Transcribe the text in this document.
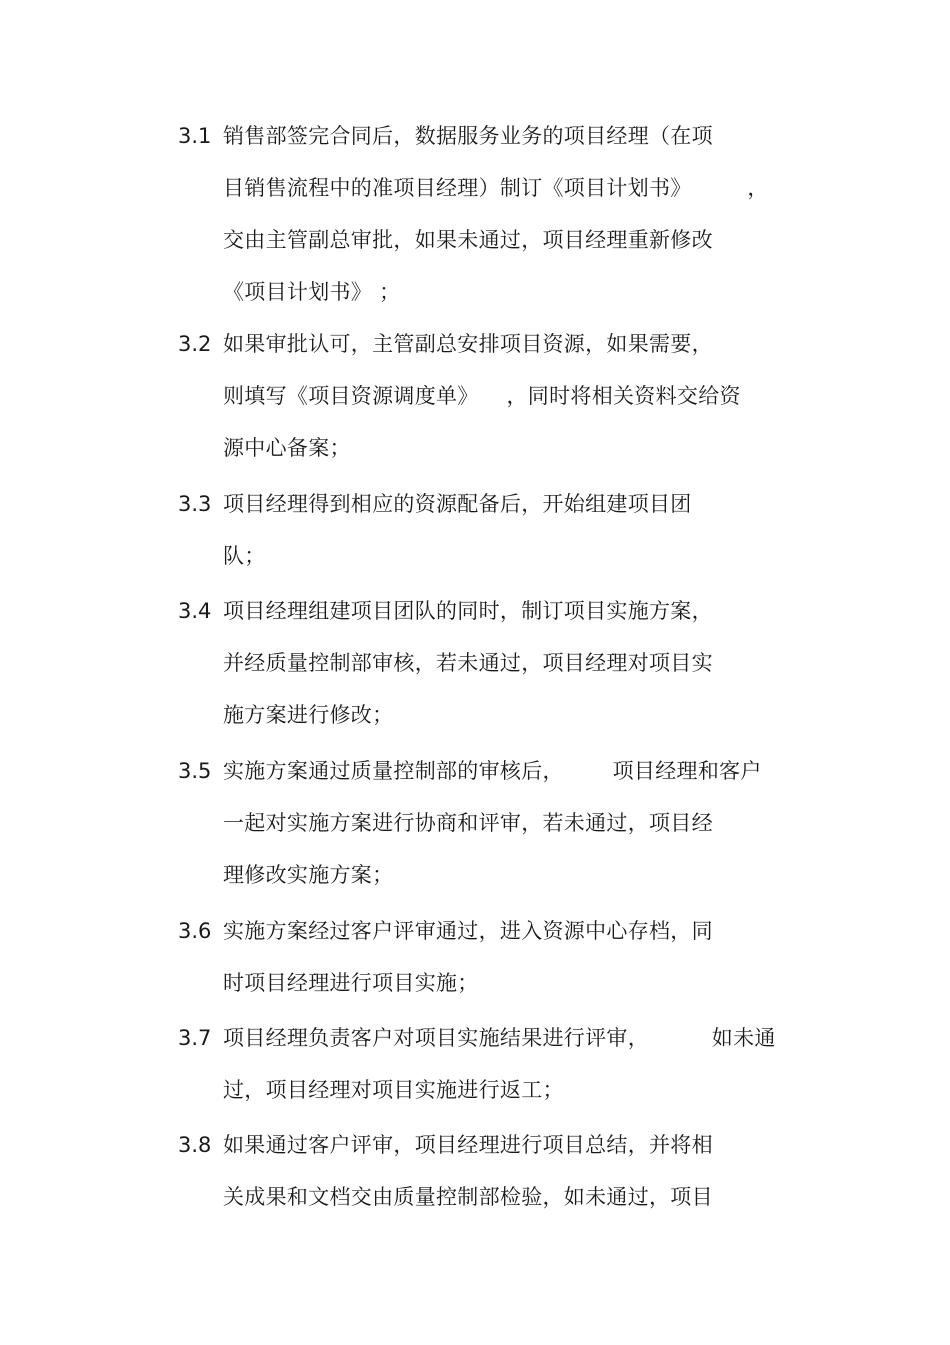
3.1 销售部签完合同后，数据服务业务的项目经理（在项
目销售流程中的准项目经理）制订《项目计划书》        ，
交由主管副总审批，如果未通过，项目经理重新修改
《项目计划书》 ；
3.2 如果审批认可，主管副总安排项目资源，如果需要，
则填写《项目资源调度单》    ，同时将相关资料交给资
源中心备案；
3.3 项目经理得到相应的资源配备后，开始组建项目团
队；
3.4 项目经理组建项目团队的同时，制订项目实施方案，
并经质量控制部审核，若未通过，项目经理对项目实
施方案进行修改；
3.5 实施方案通过质量控制部的审核后，       项目经理和客户
一起对实施方案进行协商和评审，若未通过，项目经
理修改实施方案；
3.6 实施方案经过客户评审通过，进入资源中心存档，同
时项目经理进行项目实施；
3.7 项目经理负责客户对项目实施结果进行评审，         如未通
过，项目经理对项目实施进行返工；
3.8 如果通过客户评审，项目经理进行项目总结，并将相
关成果和文档交由质量控制部检验，如未通过，项目
